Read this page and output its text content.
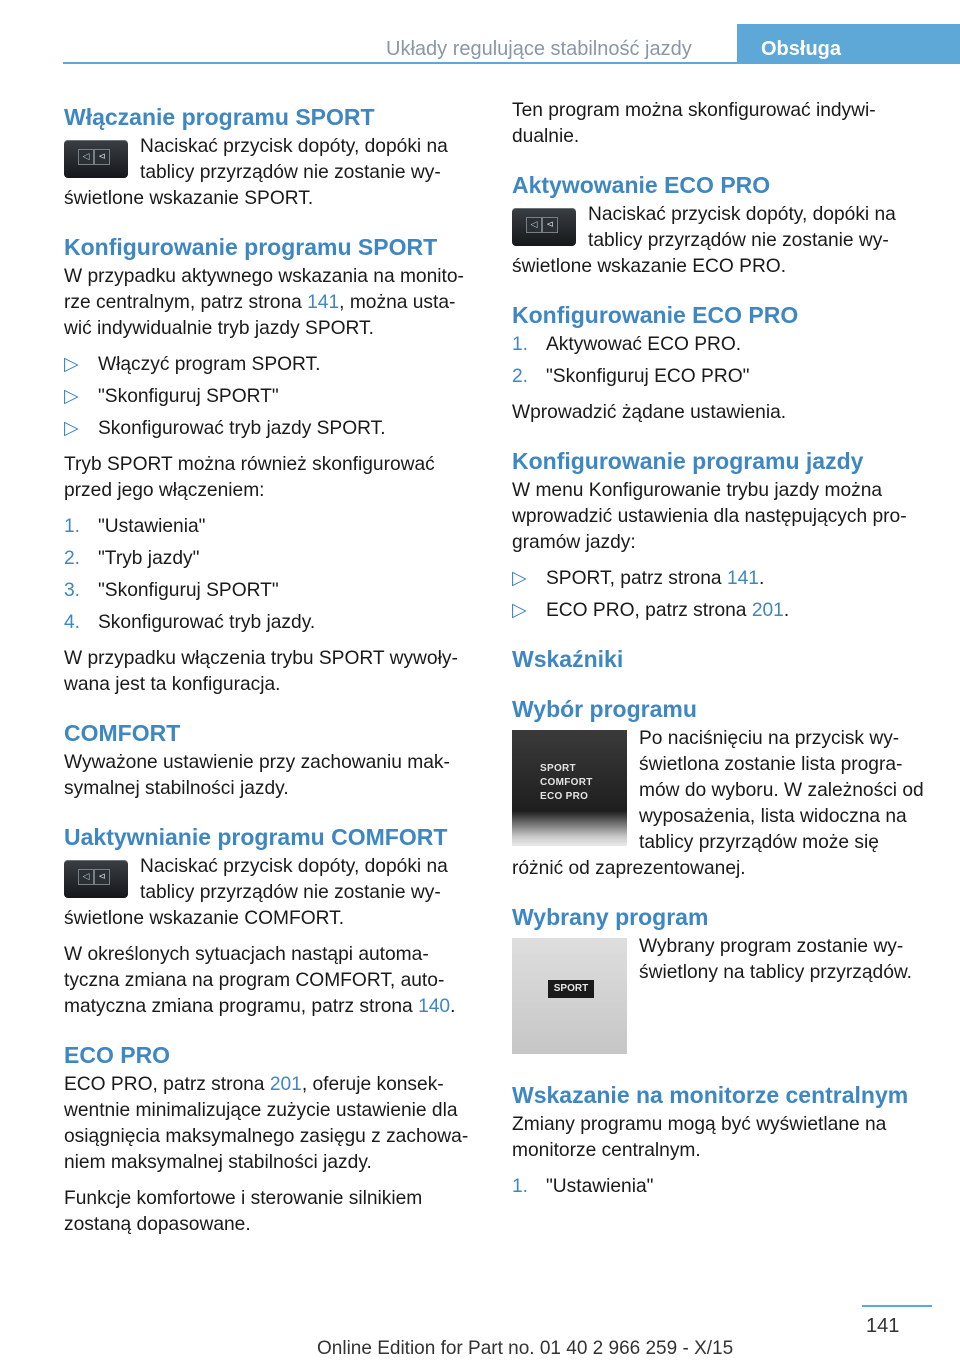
Układy regulujące stabilność jazdy	Obsługa
Włączanie programu SPORT
◁ ⊲ Naciskać przycisk dopóty, dopóki na tablicy przyrządów nie zostanie wy‐świetlone wskazanie SPORT.
Konfigurowanie programu SPORT

W przypadku aktywnego wskazania na monito‐rze centralnym, patrz strona 141, można usta‐wić indywidualnie tryb jazdy SPORT.

▷ Włączyć program SPORT.
▷ "Skonfiguruj SPORT"
▷ Skonfigurować tryb jazdy SPORT.

Tryb SPORT można również skonfigurować przed jego włączeniem:

1. "Ustawienia"
2. "Tryb jazdy"
3. "Skonfiguruj SPORT"
4. Skonfigurować tryb jazdy.

W przypadku włączenia trybu SPORT wywoły‐wana jest ta konfiguracja.

COMFORT

Wyważone ustawienie przy zachowaniu mak‐symalnej stabilności jazdy.

Uaktywnianie programu COMFORT
◁ ⊲ Naciskać przycisk dopóty, dopóki na tablicy przyrządów nie zostanie wy‐świetlone wskazanie COMFORT.

W określonych sytuacjach nastąpi automa‐tyczna zmiana na program COMFORT, auto‐matyczna zmiana programu, patrz strona 140.

ECO PRO

ECO PRO, patrz strona 201, oferuje konsek‐wentnie minimalizujące zużycie ustawienie dla osiągnięcia maksymalnego zasięgu z zachowa‐niem maksymalnej stabilności jazdy.

Funkcje komfortowe i sterowanie silnikiem zostaną dopasowane.

Ten program można skonfigurować indywi‐dualnie.

Aktywowanie ECO PRO
◁ ⊲ Naciskać przycisk dopóty, dopóki na tablicy przyrządów nie zostanie wy‐świetlone wskazanie ECO PRO.
Konfigurowanie ECO PRO
1. Aktywować ECO PRO.
2. "Skonfiguruj ECO PRO"

Wprowadzić żądane ustawienia.

Konfigurowanie programu jazdy

W menu Konfigurowanie trybu jazdy można wprowadzić ustawienia dla następujących pro‐gramów jazdy:

▷ SPORT, patrz strona 141.
▷ ECO PRO, patrz strona 201.
Wskaźniki
Wybór programu
SPORT
COMFORT
ECO PRO
Po naciśnięciu na przycisk wy‐świetlona zostanie lista progra‐mów do wyboru. W zależności od wyposażenia, lista widoczna na tablicy przyrządów może się różnić od zaprezentowanej.
Wybrany program
SPORT
Wybrany program zostanie wy‐świetlony na tablicy przyrządów.
Wskazanie na monitorze centralnym

Zmiany programu mogą być wyświetlane na monitorze centralnym.

1. "Ustawienia"
141
Online Edition for Part no. 01 40 2 966 259 - X/15
